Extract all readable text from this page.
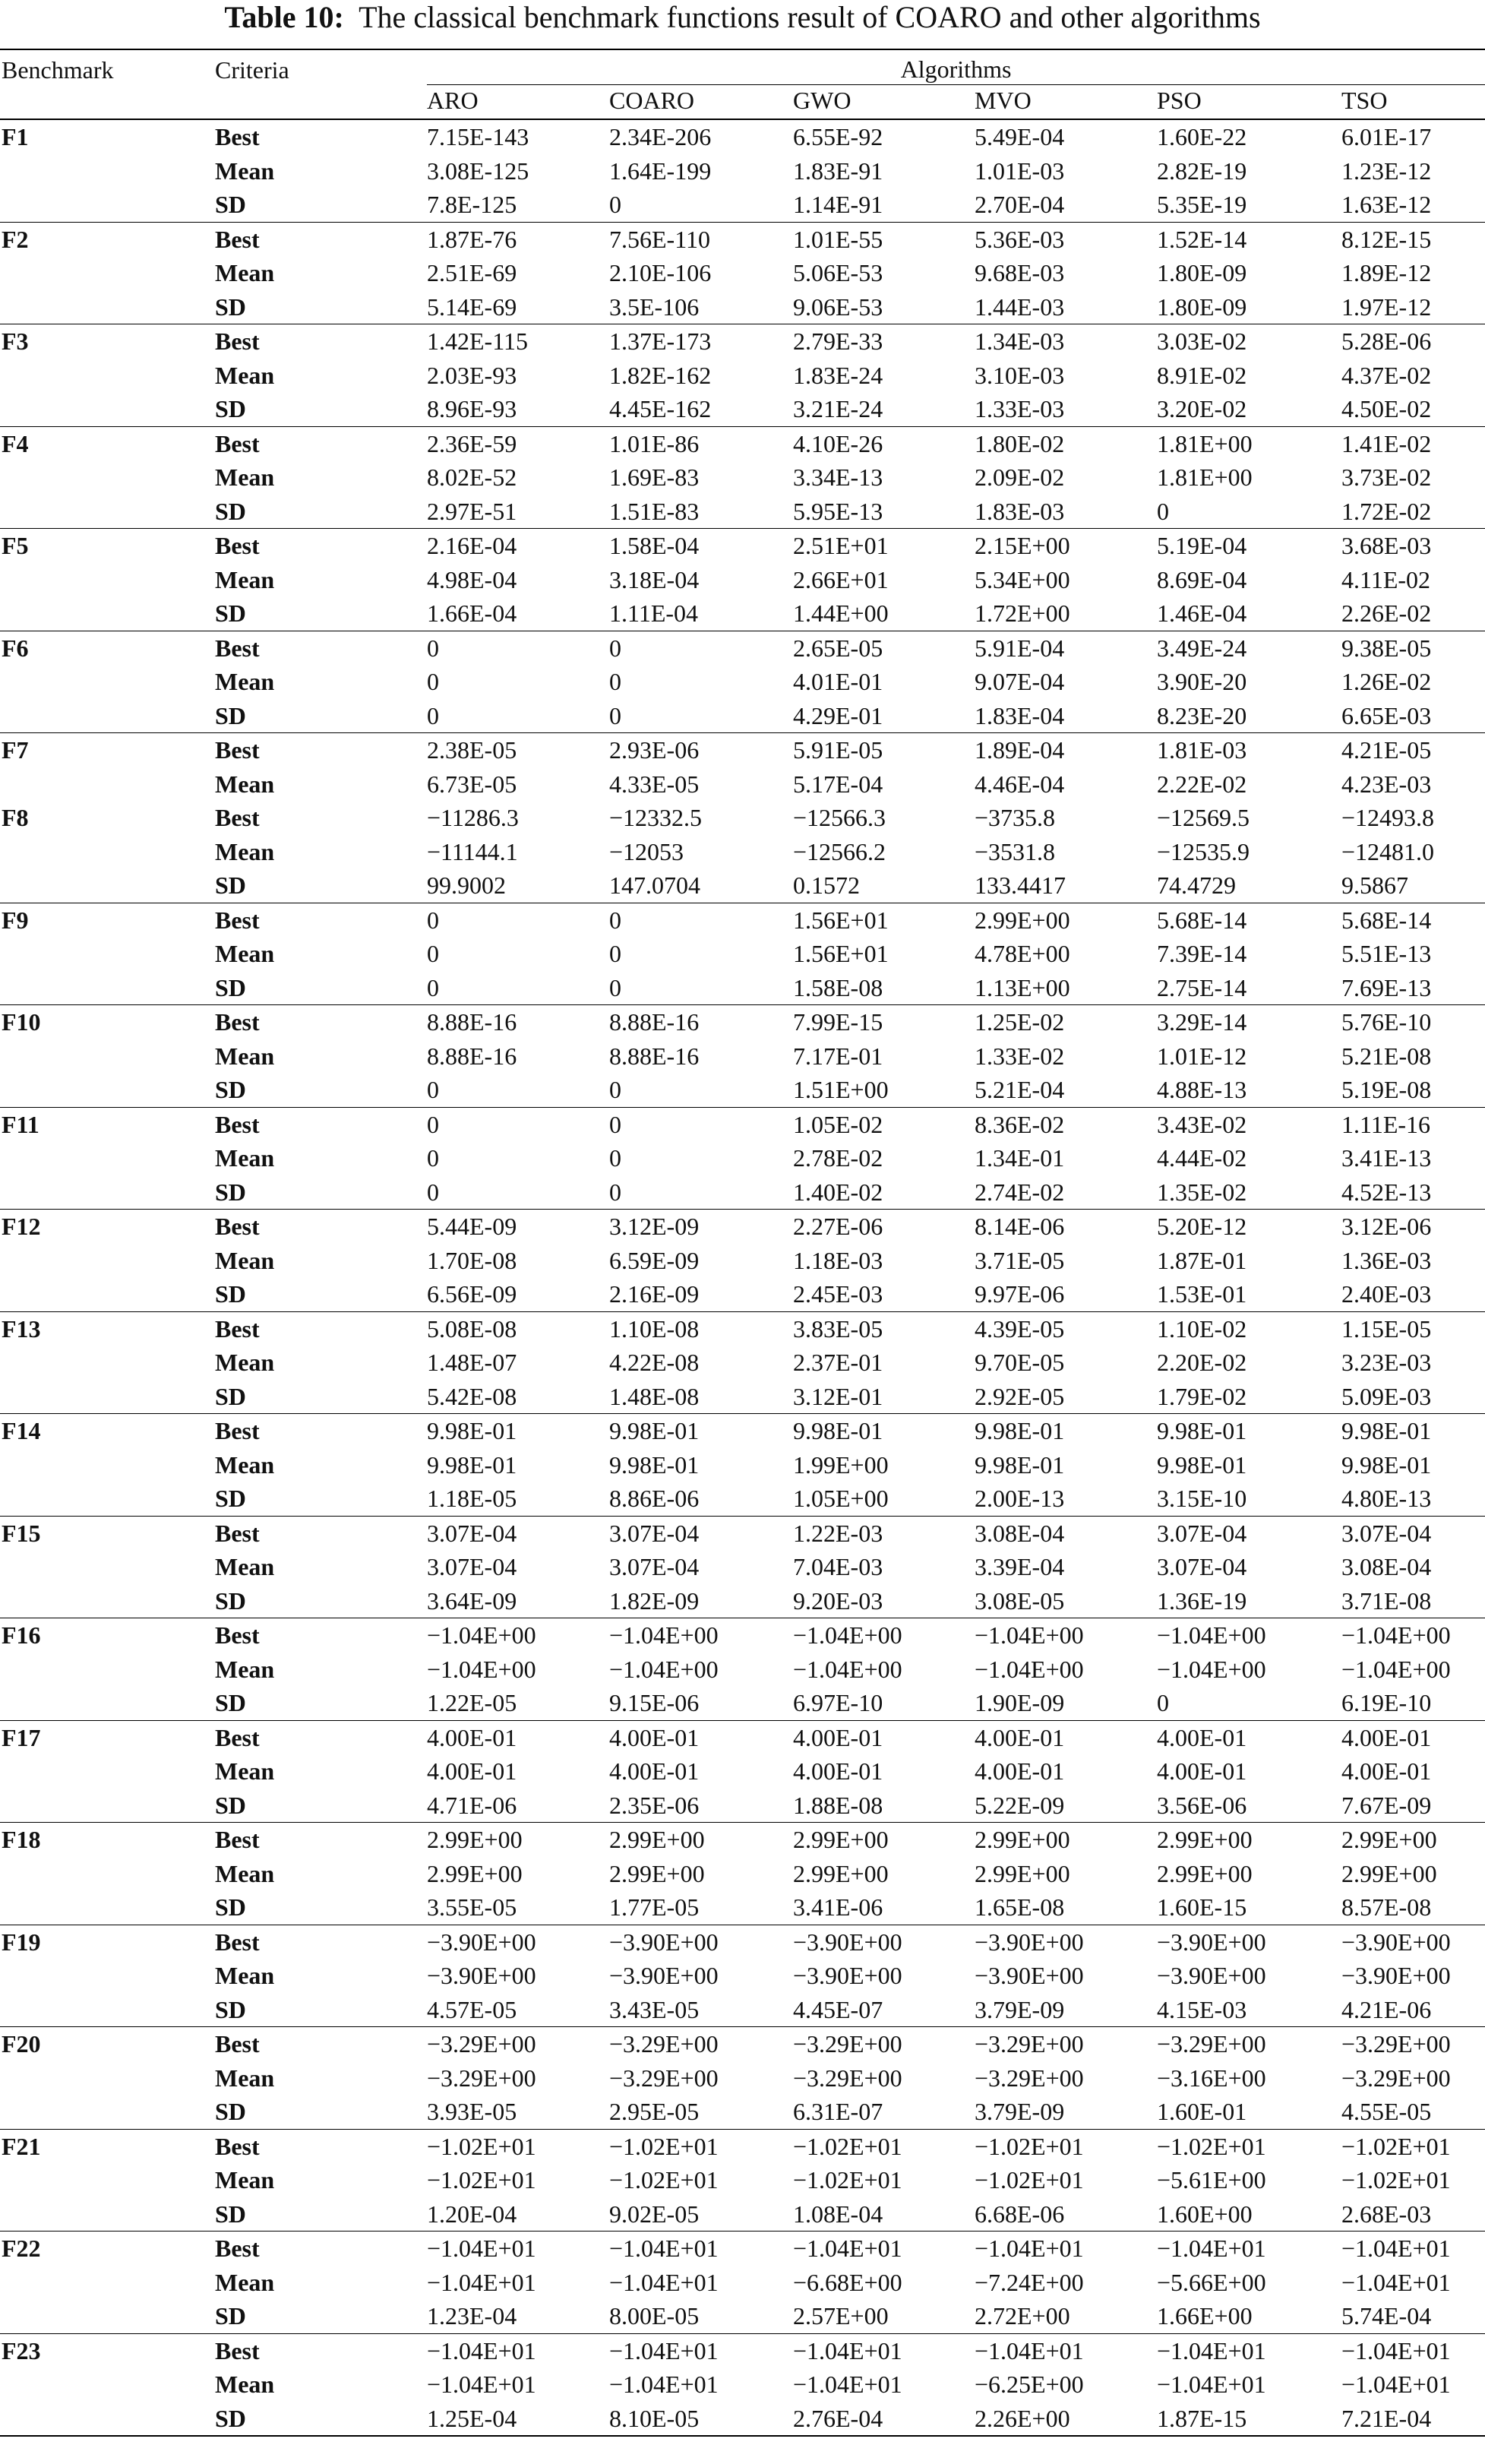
Table 10: The classical benchmark functions result of COARO and other algorithms
Benchmark	Criteria	Algorithms					

		ARO	COARO	GWO	MVO	PSO	TSO
F1	Best	7.15E-143	2.34E-206	6.55E-92	5.49E-04	1.60E-22	6.01E-17
	Mean	3.08E-125	1.64E-199	1.83E-91	1.01E-03	2.82E-19	1.23E-12
	SD	7.8E-125	0	1.14E-91	2.70E-04	5.35E-19	1.63E-12
F2	Best	1.87E-76	7.56E-110	1.01E-55	5.36E-03	1.52E-14	8.12E-15
	Mean	2.51E-69	2.10E-106	5.06E-53	9.68E-03	1.80E-09	1.89E-12
	SD	5.14E-69	3.5E-106	9.06E-53	1.44E-03	1.80E-09	1.97E-12
F3	Best	1.42E-115	1.37E-173	2.79E-33	1.34E-03	3.03E-02	5.28E-06
	Mean	2.03E-93	1.82E-162	1.83E-24	3.10E-03	8.91E-02	4.37E-02
	SD	8.96E-93	4.45E-162	3.21E-24	1.33E-03	3.20E-02	4.50E-02
F4	Best	2.36E-59	1.01E-86	4.10E-26	1.80E-02	1.81E+00	1.41E-02
	Mean	8.02E-52	1.69E-83	3.34E-13	2.09E-02	1.81E+00	3.73E-02
	SD	2.97E-51	1.51E-83	5.95E-13	1.83E-03	0	1.72E-02
F5	Best	2.16E-04	1.58E-04	2.51E+01	2.15E+00	5.19E-04	3.68E-03
	Mean	4.98E-04	3.18E-04	2.66E+01	5.34E+00	8.69E-04	4.11E-02
	SD	1.66E-04	1.11E-04	1.44E+00	1.72E+00	1.46E-04	2.26E-02
F6	Best	0	0	2.65E-05	5.91E-04	3.49E-24	9.38E-05
	Mean	0	0	4.01E-01	9.07E-04	3.90E-20	1.26E-02
	SD	0	0	4.29E-01	1.83E-04	8.23E-20	6.65E-03
F7	Best	2.38E-05	2.93E-06	5.91E-05	1.89E-04	1.81E-03	4.21E-05
	Mean	6.73E-05	4.33E-05	5.17E-04	4.46E-04	2.22E-02	4.23E-03
F8	Best	−11286.3	−12332.5	−12566.3	−3735.8	−12569.5	−12493.8
	Mean	−11144.1	−12053	−12566.2	−3531.8	−12535.9	−12481.0
	SD	99.9002	147.0704	0.1572	133.4417	74.4729	9.5867
F9	Best	0	0	1.56E+01	2.99E+00	5.68E-14	5.68E-14
	Mean	0	0	1.56E+01	4.78E+00	7.39E-14	5.51E-13
	SD	0	0	1.58E-08	1.13E+00	2.75E-14	7.69E-13
F10	Best	8.88E-16	8.88E-16	7.99E-15	1.25E-02	3.29E-14	5.76E-10
	Mean	8.88E-16	8.88E-16	7.17E-01	1.33E-02	1.01E-12	5.21E-08
	SD	0	0	1.51E+00	5.21E-04	4.88E-13	5.19E-08
F11	Best	0	0	1.05E-02	8.36E-02	3.43E-02	1.11E-16
	Mean	0	0	2.78E-02	1.34E-01	4.44E-02	3.41E-13
	SD	0	0	1.40E-02	2.74E-02	1.35E-02	4.52E-13
F12	Best	5.44E-09	3.12E-09	2.27E-06	8.14E-06	5.20E-12	3.12E-06
	Mean	1.70E-08	6.59E-09	1.18E-03	3.71E-05	1.87E-01	1.36E-03
	SD	6.56E-09	2.16E-09	2.45E-03	9.97E-06	1.53E-01	2.40E-03
F13	Best	5.08E-08	1.10E-08	3.83E-05	4.39E-05	1.10E-02	1.15E-05
	Mean	1.48E-07	4.22E-08	2.37E-01	9.70E-05	2.20E-02	3.23E-03
	SD	5.42E-08	1.48E-08	3.12E-01	2.92E-05	1.79E-02	5.09E-03
F14	Best	9.98E-01	9.98E-01	9.98E-01	9.98E-01	9.98E-01	9.98E-01
	Mean	9.98E-01	9.98E-01	1.99E+00	9.98E-01	9.98E-01	9.98E-01
	SD	1.18E-05	8.86E-06	1.05E+00	2.00E-13	3.15E-10	4.80E-13
F15	Best	3.07E-04	3.07E-04	1.22E-03	3.08E-04	3.07E-04	3.07E-04
	Mean	3.07E-04	3.07E-04	7.04E-03	3.39E-04	3.07E-04	3.08E-04
	SD	3.64E-09	1.82E-09	9.20E-03	3.08E-05	1.36E-19	3.71E-08
F16	Best	−1.04E+00	−1.04E+00	−1.04E+00	−1.04E+00	−1.04E+00	−1.04E+00
	Mean	−1.04E+00	−1.04E+00	−1.04E+00	−1.04E+00	−1.04E+00	−1.04E+00
	SD	1.22E-05	9.15E-06	6.97E-10	1.90E-09	0	6.19E-10
F17	Best	4.00E-01	4.00E-01	4.00E-01	4.00E-01	4.00E-01	4.00E-01
	Mean	4.00E-01	4.00E-01	4.00E-01	4.00E-01	4.00E-01	4.00E-01
	SD	4.71E-06	2.35E-06	1.88E-08	5.22E-09	3.56E-06	7.67E-09
F18	Best	2.99E+00	2.99E+00	2.99E+00	2.99E+00	2.99E+00	2.99E+00
	Mean	2.99E+00	2.99E+00	2.99E+00	2.99E+00	2.99E+00	2.99E+00
	SD	3.55E-05	1.77E-05	3.41E-06	1.65E-08	1.60E-15	8.57E-08
F19	Best	−3.90E+00	−3.90E+00	−3.90E+00	−3.90E+00	−3.90E+00	−3.90E+00
	Mean	−3.90E+00	−3.90E+00	−3.90E+00	−3.90E+00	−3.90E+00	−3.90E+00
	SD	4.57E-05	3.43E-05	4.45E-07	3.79E-09	4.15E-03	4.21E-06
F20	Best	−3.29E+00	−3.29E+00	−3.29E+00	−3.29E+00	−3.29E+00	−3.29E+00
	Mean	−3.29E+00	−3.29E+00	−3.29E+00	−3.29E+00	−3.16E+00	−3.29E+00
	SD	3.93E-05	2.95E-05	6.31E-07	3.79E-09	1.60E-01	4.55E-05
F21	Best	−1.02E+01	−1.02E+01	−1.02E+01	−1.02E+01	−1.02E+01	−1.02E+01
	Mean	−1.02E+01	−1.02E+01	−1.02E+01	−1.02E+01	−5.61E+00	−1.02E+01
	SD	1.20E-04	9.02E-05	1.08E-04	6.68E-06	1.60E+00	2.68E-03
F22	Best	−1.04E+01	−1.04E+01	−1.04E+01	−1.04E+01	−1.04E+01	−1.04E+01
	Mean	−1.04E+01	−1.04E+01	−6.68E+00	−7.24E+00	−5.66E+00	−1.04E+01
	SD	1.23E-04	8.00E-05	2.57E+00	2.72E+00	1.66E+00	5.74E-04
F23	Best	−1.04E+01	−1.04E+01	−1.04E+01	−1.04E+01	−1.04E+01	−1.04E+01
	Mean	−1.04E+01	−1.04E+01	−1.04E+01	−6.25E+00	−1.04E+01	−1.04E+01
	SD	1.25E-04	8.10E-05	2.76E-04	2.26E+00	1.87E-15	7.21E-04
